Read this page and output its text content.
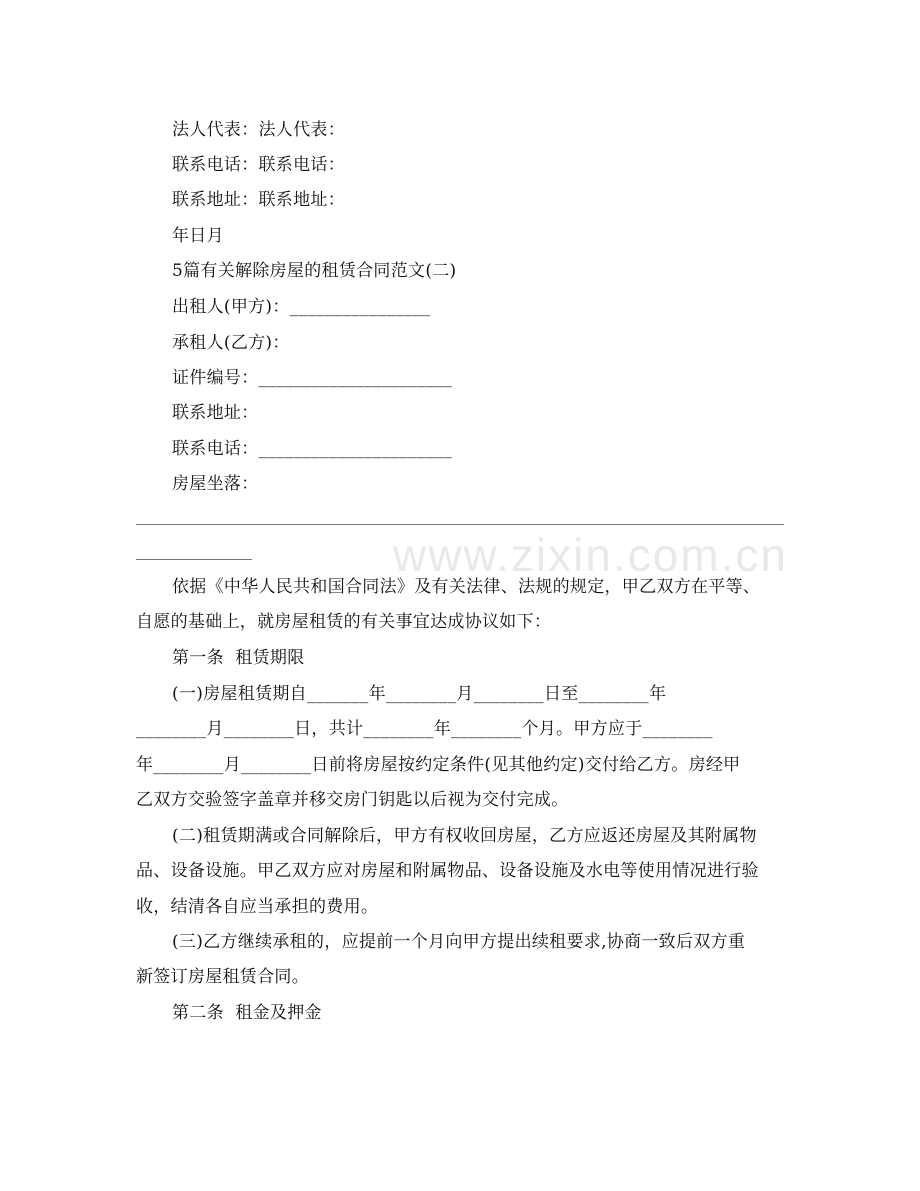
www.zixin.com.cn
法人代表：法人代表：
联系电话：联系电话：
联系地址：联系地址：
年日月
5篇有关解除房屋的租赁合同范文(二)
出租人(甲方)：________________
承租人(乙方)：
证件编号：______________________
联系地址：
联系电话：______________________
房屋坐落：
依据《中华人民共和国合同法》及有关法律、法规的规定，甲乙双方在平等、
自愿的基础上，就房屋租赁的有关事宜达成协议如下：
第一条  租赁期限
(一)房屋租赁期自_______年________月________日至________年
________月________日，共计________年________个月。甲方应于________
年________月________日前将房屋按约定条件(见其他约定)交付给乙方。房经甲
乙双方交验签字盖章并移交房门钥匙以后视为交付完成。
(二)租赁期满或合同解除后，甲方有权收回房屋，乙方应返还房屋及其附属物
品、设备设施。甲乙双方应对房屋和附属物品、设备设施及水电等使用情况进行验
收，结清各自应当承担的费用。
(三)乙方继续承租的，应提前一个月向甲方提出续租要求,协商一致后双方重
新签订房屋租赁合同。
第二条  租金及押金
